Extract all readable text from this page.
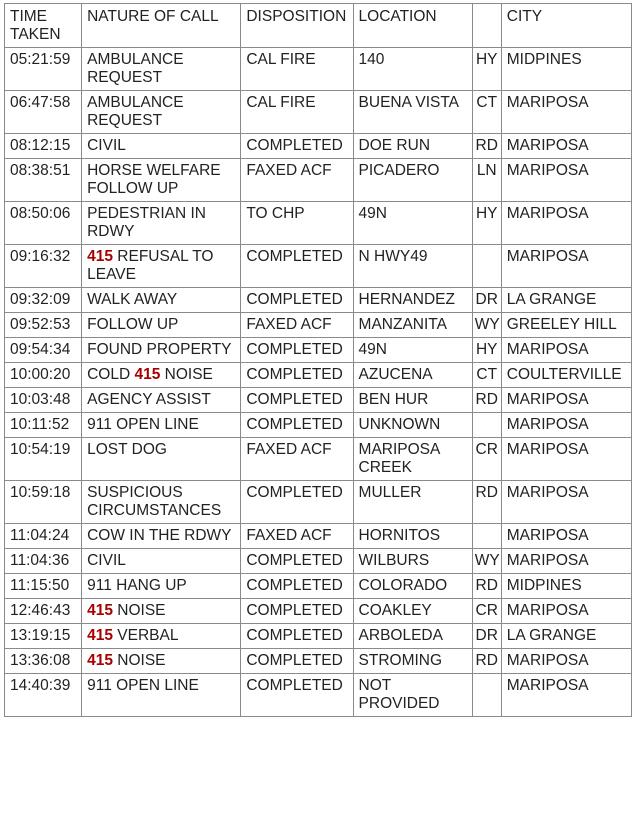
TIME TAKEN	NATURE OF CALL	DISPOSITION	LOCATION		CITY
05:21:59	AMBULANCE REQUEST	CAL FIRE	140	HY	MIDPINES
06:47:58	AMBULANCE REQUEST	CAL FIRE	BUENA VISTA	CT	MARIPOSA
08:12:15	CIVIL	COMPLETED	DOE RUN	RD	MARIPOSA
08:38:51	HORSE WELFARE FOLLOW UP	FAXED ACF	PICADERO	LN	MARIPOSA
08:50:06	PEDESTRIAN IN RDWY	TO CHP	49N	HY	MARIPOSA
09:16:32	415 REFUSAL TO LEAVE	COMPLETED	N HWY49		MARIPOSA
09:32:09	WALK AWAY	COMPLETED	HERNANDEZ	DR	LA GRANGE
09:52:53	FOLLOW UP	FAXED ACF	MANZANITA	WY	GREELEY HILL
09:54:34	FOUND PROPERTY	COMPLETED	49N	HY	MARIPOSA
10:00:20	COLD 415 NOISE	COMPLETED	AZUCENA	CT	COULTERVILLE
10:03:48	AGENCY ASSIST	COMPLETED	BEN HUR	RD	MARIPOSA
10:11:52	911 OPEN LINE	COMPLETED	UNKNOWN		MARIPOSA
10:54:19	LOST DOG	FAXED ACF	MARIPOSA CREEK	CR	MARIPOSA
10:59:18	SUSPICIOUS CIRCUMSTANCES	COMPLETED	MULLER	RD	MARIPOSA
11:04:24	COW IN THE RDWY	FAXED ACF	HORNITOS		MARIPOSA
11:04:36	CIVIL	COMPLETED	WILBURS	WY	MARIPOSA
11:15:50	911 HANG UP	COMPLETED	COLORADO	RD	MIDPINES
12:46:43	415 NOISE	COMPLETED	COAKLEY	CR	MARIPOSA
13:19:15	415 VERBAL	COMPLETED	ARBOLEDA	DR	LA GRANGE
13:36:08	415 NOISE	COMPLETED	STROMING	RD	MARIPOSA
14:40:39	911 OPEN LINE	COMPLETED	NOT PROVIDED		MARIPOSA
